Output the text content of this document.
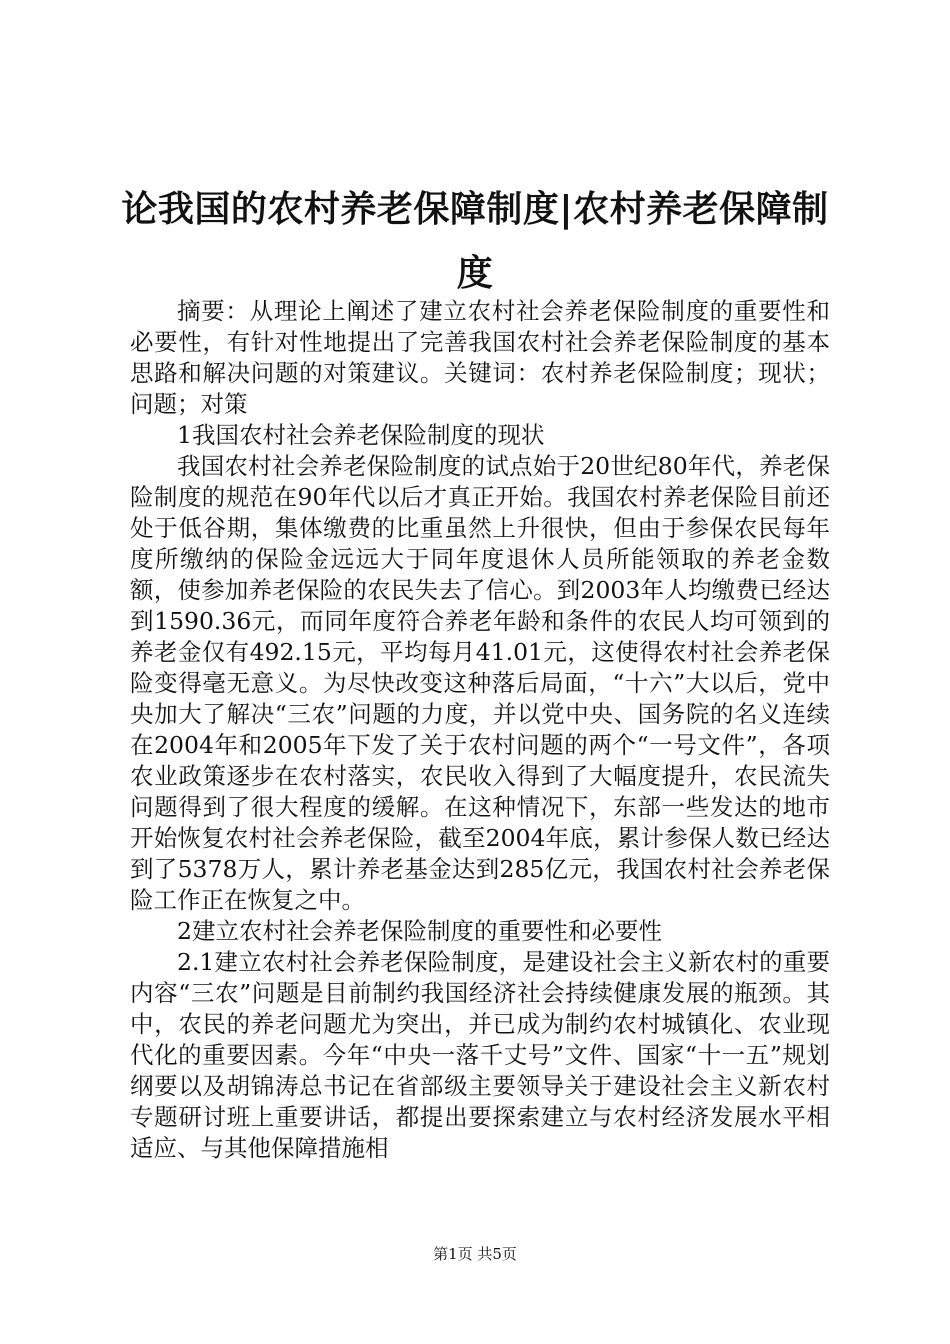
论我国的农村养老保障制度|农村养老保障制度

摘要：从理论上阐述了建立农村社会养老保险制度的重要性和必要性，有针对性地提出了完善我国农村社会养老保险制度的基本思路和解决问题的对策建议。关键词：农村养老保险制度；现状；问题；对策

1我国农村社会养老保险制度的现状

我国农村社会养老保险制度的试点始于20世纪80年代，养老保险制度的规范在90年代以后才真正开始。我国农村养老保险目前还处于低谷期，集体缴费的比重虽然上升很快，但由于参保农民每年度所缴纳的保险金远远大于同年度退休人员所能领取的养老金数额，使参加养老保险的农民失去了信心。到2003年人均缴费已经达到1590.36元，而同年度符合养老年龄和条件的农民人均可领到的养老金仅有492.15元，平均每月41.01元，这使得农村社会养老保险变得毫无意义。为尽快改变这种落后局面，“十六”大以后，党中央加大了解决“三农”问题的力度，并以党中央、国务院的名义连续在2004年和2005年下发了关于农村问题的两个“一号文件”，各项农业政策逐步在农村落实，农民收入得到了大幅度提升，农民流失问题得到了很大程度的缓解。在这种情况下，东部一些发达的地市开始恢复农村社会养老保险，截至2004年底，累计参保人数已经达到了5378万人，累计养老基金达到285亿元，我国农村社会养老保险工作正在恢复之中。

2建立农村社会养老保险制度的重要性和必要性

2.1建立农村社会养老保险制度，是建设社会主义新农村的重要内容“三农”问题是目前制约我国经济社会持续健康发展的瓶颈。其中，农民的养老问题尤为突出，并已成为制约农村城镇化、农业现代化的重要因素。今年“中央一落千丈号”文件、国家“十一五”规划纲要以及胡锦涛总书记在省部级主要领导关于建设社会主义新农村专题研讨班上重要讲话，都提出要探索建立与农村经济发展水平相适应、与其他保障措施相

第1页 共5页
